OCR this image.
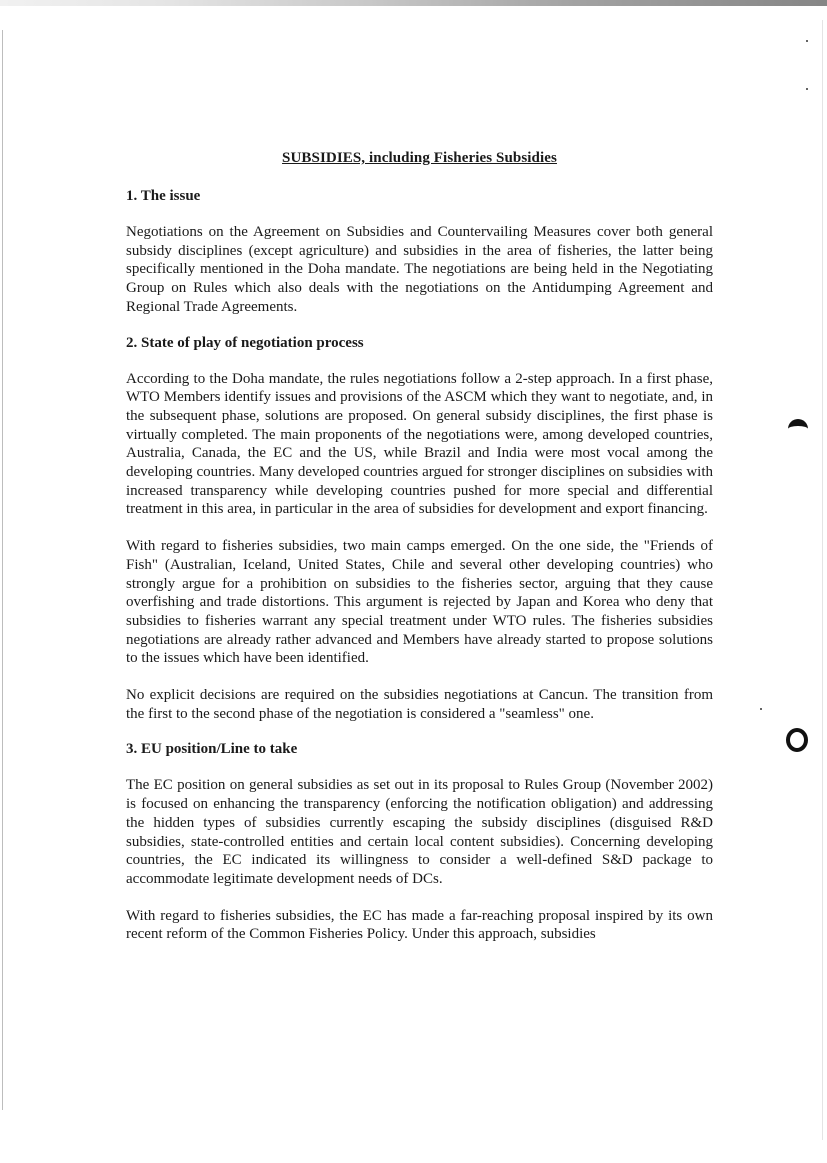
SUBSIDIES, including Fisheries Subsidies
1. The issue

Negotiations on the Agreement on Subsidies and Countervailing Measures cover both general subsidy disciplines (except agriculture) and subsidies in the area of fisheries, the latter being specifically mentioned in the Doha mandate. The negotiations are being held in the Negotiating Group on Rules which also deals with the negotiations on the Antidumping Agreement and Regional Trade Agreements.

2. State of play of negotiation process

According to the Doha mandate, the rules negotiations follow a 2-step approach. In a first phase, WTO Members identify issues and provisions of the ASCM which they want to negotiate, and, in the subsequent phase, solutions are proposed. On general subsidy disciplines, the first phase is virtually completed. The main proponents of the negotiations were, among developed countries, Australia, Canada, the EC and the US, while Brazil and India were most vocal among the developing countries. Many developed countries argued for stronger disciplines on subsidies with increased transparency while developing countries pushed for more special and differential treatment in this area, in particular in the area of subsidies for development and export financing.

With regard to fisheries subsidies, two main camps emerged. On the one side, the "Friends of Fish" (Australian, Iceland, United States, Chile and several other developing countries) who strongly argue for a prohibition on subsidies to the fisheries sector, arguing that they cause overfishing and trade distortions. This argument is rejected by Japan and Korea who deny that subsidies to fisheries warrant any special treatment under WTO rules. The fisheries subsidies negotiations are already rather advanced and Members have already started to propose solutions to the issues which have been identified.

No explicit decisions are required on the subsidies negotiations at Cancun. The transition from the first to the second phase of the negotiation is considered a "seamless" one.

3. EU position/Line to take

The EC position on general subsidies as set out in its proposal to Rules Group (November 2002) is focused on enhancing the transparency (enforcing the notification obligation) and addressing the hidden types of subsidies currently escaping the subsidy disciplines (disguised R&D subsidies, state-controlled entities and certain local content subsidies). Concerning developing countries, the EC indicated its willingness to consider a well-defined S&D package to accommodate legitimate development needs of DCs.

With regard to fisheries subsidies, the EC has made a far-reaching proposal inspired by its own recent reform of the Common Fisheries Policy. Under this approach, subsidies
